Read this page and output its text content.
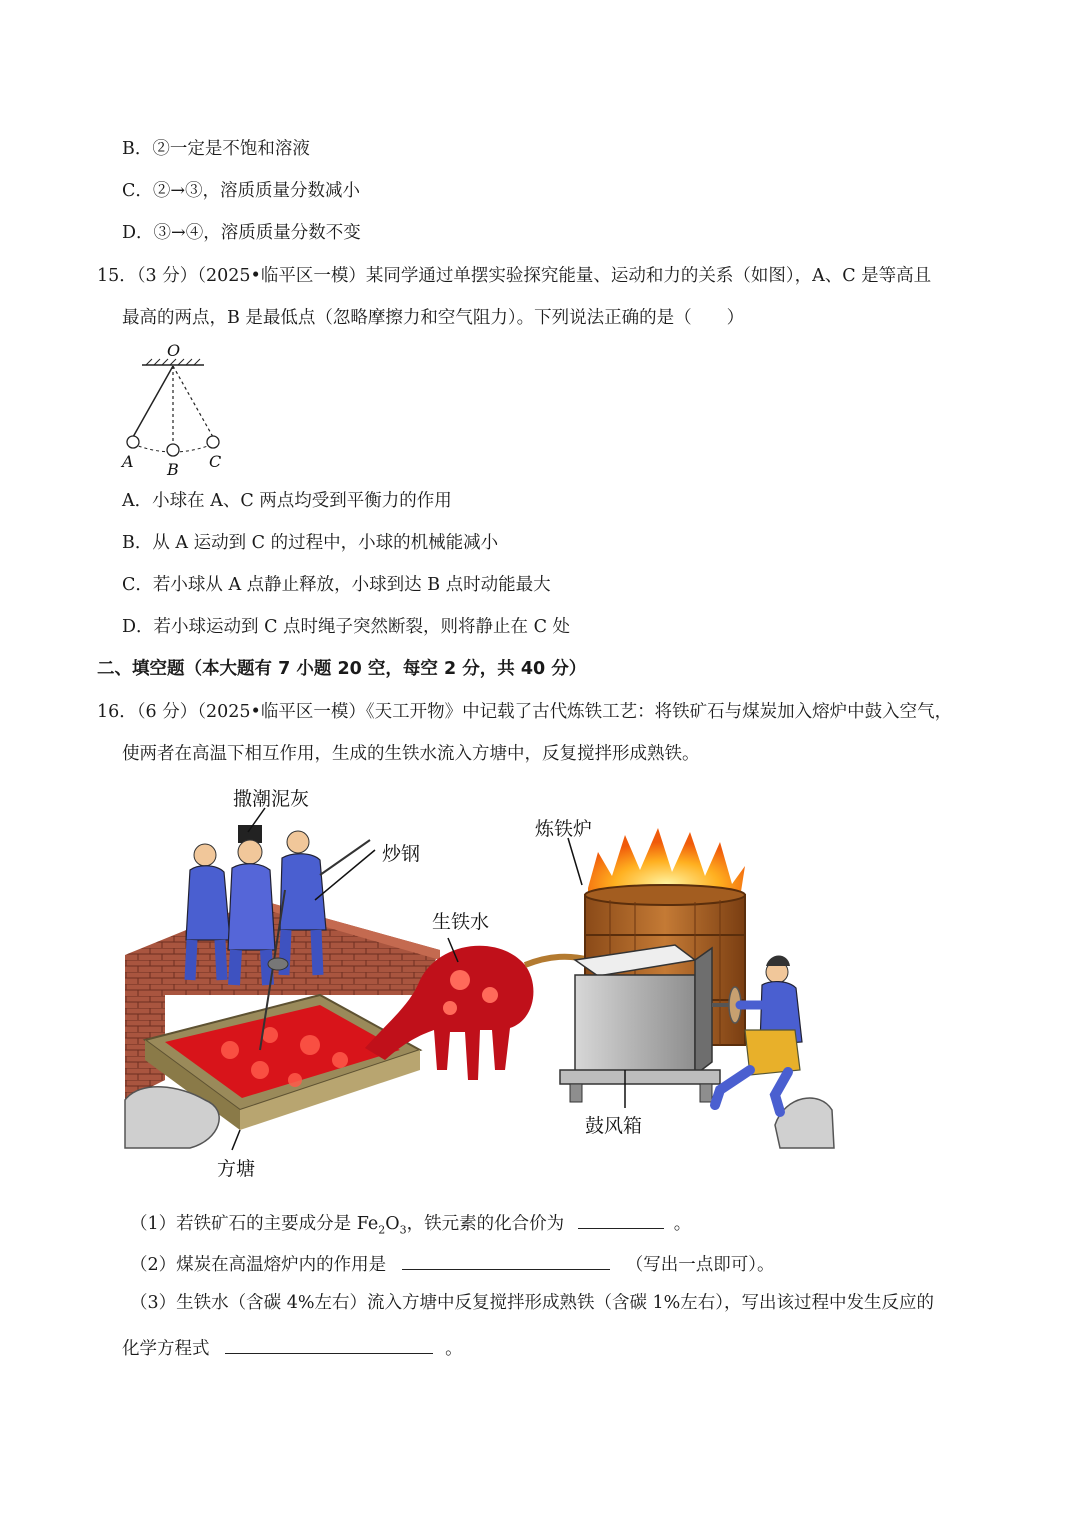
B．②一定是不饱和溶液
C．②→③，溶质质量分数减小
D．③→④，溶质质量分数不变
15．（3 分）（2025•临平区一模）某同学通过单摆实验探究能量、运动和力的关系（如图），A、C 是等高且
最高的两点，B 是最低点（忽略摩擦力和空气阻力）。下列说法正确的是（　　）
O
A B C
A．小球在 A、C 两点均受到平衡力的作用
B．从 A 运动到 C 的过程中，小球的机械能减小
C．若小球从 A 点静止释放，小球到达 B 点时动能最大
D．若小球运动到 C 点时绳子突然断裂，则将静止在 C 处
二、填空题（本大题有 7 小题 20 空，每空 2 分，共 40 分）
16．（6 分）（2025•临平区一模）《天工开物》中记载了古代炼铁工艺：将铁矿石与煤炭加入熔炉中鼓入空气，
使两者在高温下相互作用，生成的生铁水流入方塘中，反复搅拌形成熟铁。
撒潮泥灰
炒钢
生铁水
炼铁炉
鼓风箱
方塘
（1）若铁矿石的主要成分是 $Fe_2O_3$，铁元素的化合价为	。
（2）煤炭在高温熔炉内的作用是	（写出一点即可）。
（3）生铁水（含碳 4%左右）流入方塘中反复搅拌形成熟铁（含碳 1%左右），写出该过程中发生反应的
化学方程式	。
